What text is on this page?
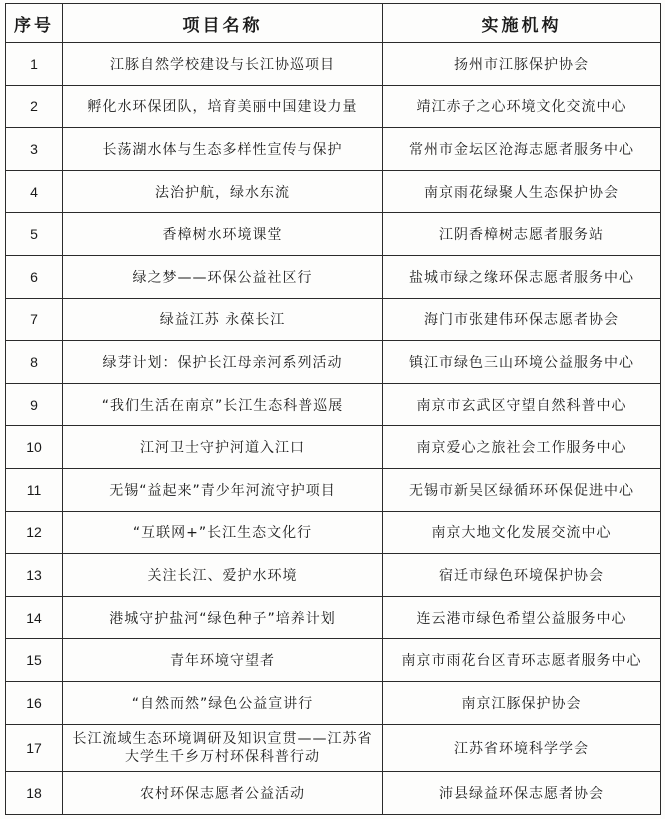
序号	项目名称	实施机构
1	江豚自然学校建设与长江协巡项目	扬州市江豚保护协会
2	孵化水环保团队，培育美丽中国建设力量	靖江赤子之心环境文化交流中心
3	长荡湖水体与生态多样性宣传与保护	常州市金坛区沧海志愿者服务中心
4	法治护航，绿水东流	南京雨花绿聚人生态保护协会
5	香樟树水环境课堂	江阴香樟树志愿者服务站
6	绿之梦——环保公益社区行	盐城市绿之缘环保志愿者服务中心
7	绿益江苏 永葆长江	海门市张建伟环保志愿者协会
8	绿芽计划：保护长江母亲河系列活动	镇江市绿色三山环境公益服务中心
9	“我们生活在南京”长江生态科普巡展	南京市玄武区守望自然科普中心
10	江河卫士守护河道入江口	南京爱心之旅社会工作服务中心
11	无锡“益起来”青少年河流守护项目	无锡市新吴区绿循环环保促进中心
12	“互联网+”长江生态文化行	南京大地文化发展交流中心
13	关注长江、爱护水环境	宿迁市绿色环境保护协会
14	港城守护盐河“绿色种子”培养计划	连云港市绿色希望公益服务中心
15	青年环境守望者	南京市雨花台区青环志愿者服务中心
16	“自然而然”绿色公益宣讲行	南京江豚保护协会
17	长江流域生态环境调研及知识宣贯——江苏省大学生千乡万村环保科普行动	江苏省环境科学学会
18	农村环保志愿者公益活动	沛县绿益环保志愿者协会
